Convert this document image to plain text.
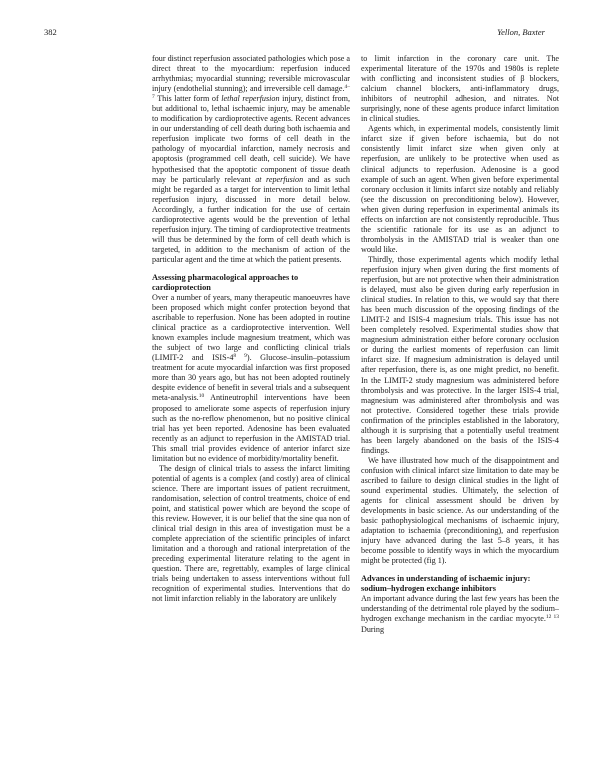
382	Yellon, Baxter

four distinct reperfusion associated pathologies which pose a direct threat to the myocardium: reperfusion induced arrhythmias; myocardial stunning; reversible microvascular injury (endothelial stunning); and irreversible cell damage.$^{4-7}$ This latter form of lethal reperfusion injury, distinct from, but additional to, lethal ischaemic injury, may be amenable to modification by cardioprotective agents. Recent advances in our understanding of cell death during both ischaemia and reperfusion implicate two forms of cell death in the pathology of myocardial infarction, namely necrosis and apoptosis (programmed cell death, cell suicide). We have hypothesised that the apoptotic component of tissue death may be particularly relevant at reperfusion and as such might be regarded as a target for intervention to limit lethal reperfusion injury, discussed in more detail below. Accordingly, a further indication for the use of certain cardioprotective agents would be the prevention of lethal reperfusion injury. The timing of cardioprotective treatments will thus be determined by the form of cell death which is targeted, in addition to the mechanism of action of the particular agent and the time at which the patient presents.

Assessing pharmacological approaches to cardioprotection

Over a number of years, many therapeutic manoeuvres have been proposed which might confer protection beyond that ascribable to reperfusion. None has been adopted in routine clinical practice as a cardioprotective intervention. Well known examples include magnesium treatment, which was the subject of two large and conflicting clinical trials (LIMIT-2 and ISIS-$4^{8 9}$). Glucose–insulin–potassium treatment for acute myocardial infarction was first proposed more than 30 years ago, but has not been adopted routinely despite evidence of benefit in several trials and a subsequent meta-analysis.$^{10}$ Antineutrophil interventions have been proposed to ameliorate some aspects of reperfusion injury such as the no-reflow phenomenon, but no positive clinical trial has yet been reported. Adenosine has been evaluated recently as an adjunct to reperfusion in the AMISTAD trial. This small trial provides evidence of anterior infarct size limitation but no evidence of morbidity/mortality benefit.

The design of clinical trials to assess the infarct limiting potential of agents is a complex (and costly) area of clinical science. There are important issues of patient recruitment, randomisation, selection of control treatments, choice of end point, and statistical power which are beyond the scope of this review. However, it is our belief that the sine qua non of clinical trial design in this area of investigation must be a complete appreciation of the scientific principles of infarct limitation and a thorough and rational interpretation of the preceding experimental literature relating to the agent in question. There are, regrettably, examples of large clinical trials being undertaken to assess interventions without full recognition of experimental studies. Interventions that do not limit infarction reliably in the laboratory are unlikely

to limit infarction in the coronary care unit. The experimental literature of the 1970s and 1980s is replete with conflicting and inconsistent studies of β blockers, calcium channel blockers, anti-inflammatory drugs, inhibitors of neutrophil adhesion, and nitrates. Not surprisingly, none of these agents produce infarct limitation in clinical studies.

Agents which, in experimental models, consistently limit infarct size if given before ischaemia, but do not consistently limit infarct size when given only at reperfusion, are unlikely to be protective when used as clinical adjuncts to reperfusion. Adenosine is a good example of such an agent. When given before experimental coronary occlusion it limits infarct size notably and reliably (see the discussion on preconditioning below). However, when given during reperfusion in experimental animals its effects on infarction are not consistently reproducible. Thus the scientific rationale for its use as an adjunct to thrombolysis in the AMISTAD trial is weaker than one would like.

Thirdly, those experimental agents which modify lethal reperfusion injury when given during the first moments of reperfusion, but are not protective when their administration is delayed, must also be given during early reperfusion in clinical studies. In relation to this, we would say that there has been much discussion of the opposing findings of the LIMIT-2 and ISIS-4 magnesium trials. This issue has not been completely resolved. Experimental studies show that magnesium administration either before coronary occlusion or during the earliest moments of reperfusion can limit infarct size. If magnesium administration is delayed until after reperfusion, there is, as one might predict, no benefit. In the LIMIT-2 study magnesium was administered before thrombolysis and was protective. In the larger ISIS-4 trial, magnesium was administered after thrombolysis and was not protective. Considered together these trials provide confirmation of the principles established in the laboratory, although it is surprising that a potentially useful treatment has been largely abandoned on the basis of the ISIS-4 findings.

We have illustrated how much of the disappointment and confusion with clinical infarct size limitation to date may be ascribed to failure to design clinical studies in the light of sound experimental studies. Ultimately, the selection of agents for clinical assessment should be driven by developments in basic science. As our understanding of the basic pathophysiological mechanisms of ischaemic injury, adaptation to ischaemia (preconditioning), and reperfusion injury have advanced during the last 5–8 years, it has become possible to identify ways in which the myocardium might be protected (fig 1).

Advances in understanding of ischaemic injury: sodium–hydrogen exchange inhibitors

An important advance during the last few years has been the understanding of the detrimental role played by the sodium–hydrogen exchange mechanism in the cardiac myocyte.$^{12 13}$ During
